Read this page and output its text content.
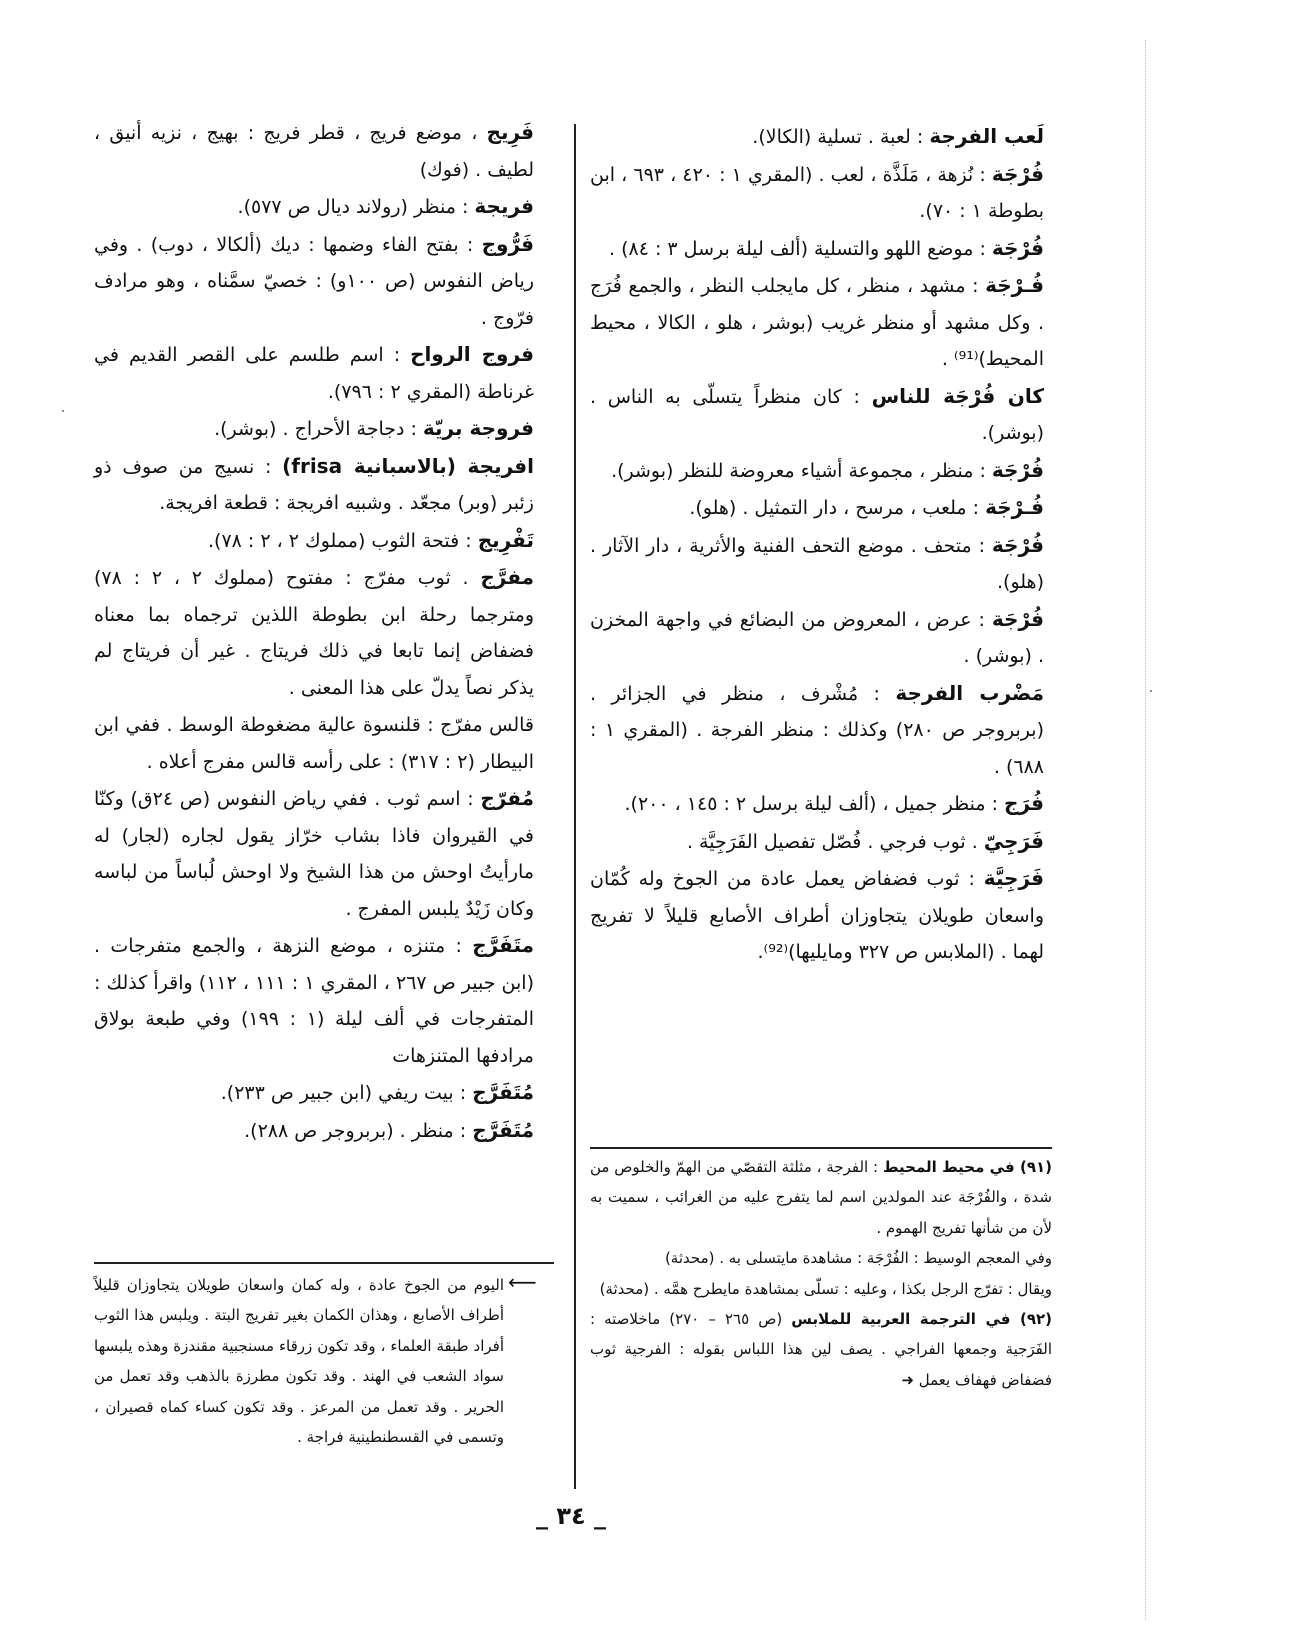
لَعب الفرجة : لعبة . تسلية (الكالا).

فُرْجَة : نُزهة ، مَلَذَّة ، لعب . (المقري ١ : ٤٢٠ ، ٦٩٣ ، ابن بطوطة ١ : ٧٠).

فُرْجَة : موضع اللهو والتسلية (ألف ليلة برسل ٣ : ٨٤) .

فُـرْجَة : مشهد ، منظر ، كل مايجلب النظر ، والجمع فُرَج . وكل مشهد أو منظر غريب (بوشر ، هلو ، الكالا ، محيط المحيط)⁽⁹¹⁾ .

كان فُرْجَة للناس : كان منظراً يتسلّى به الناس . (بوشر).

فُرْجَة : منظر ، مجموعة أشياء معروضة للنظر (بوشر).

فُـرْجَة : ملعب ، مرسح ، دار التمثيل . (هلو).

فُرْجَة : متحف . موضع التحف الفنية والأثرية ، دار الآثار . (هلو).

فُرْجَة : عرض ، المعروض من البضائع في واجهة المخزن . (بوشر) .

مَضْرب الفرجة : مُشْرف ، منظر في الجزائر . (بربروجر ص ٢٨٠) وكذلك : منظر الفرجة . (المقري ١ : ٦٨٨) .

فُرَج : منظر جميل ، (ألف ليلة برسل ٢ : ١٤٥ ، ٢٠٠).

فَرَجِيّ . ثوب فرجي . فُصّل تفصيل الفَرَجِيَّة .

فَرَجِيَّة : ثوب فضفاض يعمل عادة من الجوخ وله كُمّان واسعان طويلان يتجاوزان أطراف الأصابع قليلاً لا تفريج لهما . (الملابس ص ٣٢٧ ومايليها)⁽⁹²⁾.

فَرِيج ، موضع فريج ، قطر فريج : بهيج ، نزيه أنيق ، لطيف . (فوك)

فريجة : منظر (رولاند ديال ص ٥٧٧).

فَرُّوج : بفتح الفاء وضمها : ديك (ألكالا ، دوب) . وفي رياض النفوس (ص ١٠٠و) : خصيّ سمَّناه ، وهو مرادف فرّوج .

فروج الرواح : اسم طلسم على القصر القديم في غرناطة (المقري ٢ : ٧٩٦).

فروجة بريّة : دجاجة الأحراج . (بوشر).

افريجة (بالاسبانية frisa) : نسيج من صوف ذو زئبر (وبر) مجعّد . وشبيه افريجة : قطعة افريجة.

تَفْرِيج : فتحة الثوب (مملوك ٢ ، ٢ : ٧٨).

مفرَّج . ثوب مفرّج : مفتوح (مملوك ٢ ، ٢ : ٧٨) ومترجما رحلة ابن بطوطة اللذين ترجماه بما معناه فضفاض إنما تابعا في ذلك فريتاج . غير أن فريتاج لم يذكر نصاً يدلّ على هذا المعنى .

قالس مفرّج : قلنسوة عالية مضغوطة الوسط . ففي ابن البيطار (٢ : ٣١٧) : على رأسه قالس مفرج أعلاه .

مُفرّج : اسم ثوب . ففي رياض النفوس (ص ٢٤ق) وكنّا في القيروان فاذا بشاب خرّاز يقول لجاره (لجار) له مارأيتُ اوحش من هذا الشيخ ولا اوحش لُباساً من لباسه وكان زَيْدٌ يلبس المفرج .

متَفَرَّج : متنزه ، موضع النزهة ، والجمع متفرجات . (ابن جبير ص ٢٦٧ ، المقري ١ : ١١١ ، ١١٢) واقرأ كذلك : المتفرجات في ألف ليلة (١ : ١٩٩) وفي طبعة بولاق مرادفها المتنزهات

مُتَفَرَّج : بيت ريفي (ابن جبير ص ٢٣٣).

مُتَفَرَّج : منظر . (بربروجر ص ٢٨٨).

(٩١) في محيط المحيط : الفرجة ، مثلثة التقصّي من الهمّ والخلوص من شدة ، والفُرْجَة عند المولدين اسم لما يتفرج عليه من الغرائب ، سميت به لأن من شأنها تفريج الهموم .

وفي المعجم الوسيط : الفُرْجَة : مشاهدة مايتسلى به . (محدثة)

ويقال : تفرّج الرجل بكذا ، وعليه : تسلّى بمشاهدة مايطرح همَّه . (محدثة)

(٩٢) في الترجمة العربية للملابس (ص ٢٦٥ – ٢٧٠) ماخلاصته : الفَرَجية وجمعها الفراجي . يصف لين هذا اللباس بقوله : الفرجية ثوب فضفاض فهفاف يعمل ➜

⟵

اليوم من الجوخ عادة ، وله كمان واسعان طويلان يتجاوزان قليلاً أطراف الأصابع ، وهذان الكمان بغير تفريج البتة . ويلبس هذا الثوب أفراد طبقة العلماء ، وقد تكون زرقاء مسنجبية مقندزة وهذه يلبسها سواد الشعب في الهند . وقد تكون مطرزة بالذهب وقد تعمل من الحرير . وقد تعمل من المرعز . وقد تكون كساء كماه قصيران ، وتسمى في القسطنطينية فراجة .

_ ٣٤ _
